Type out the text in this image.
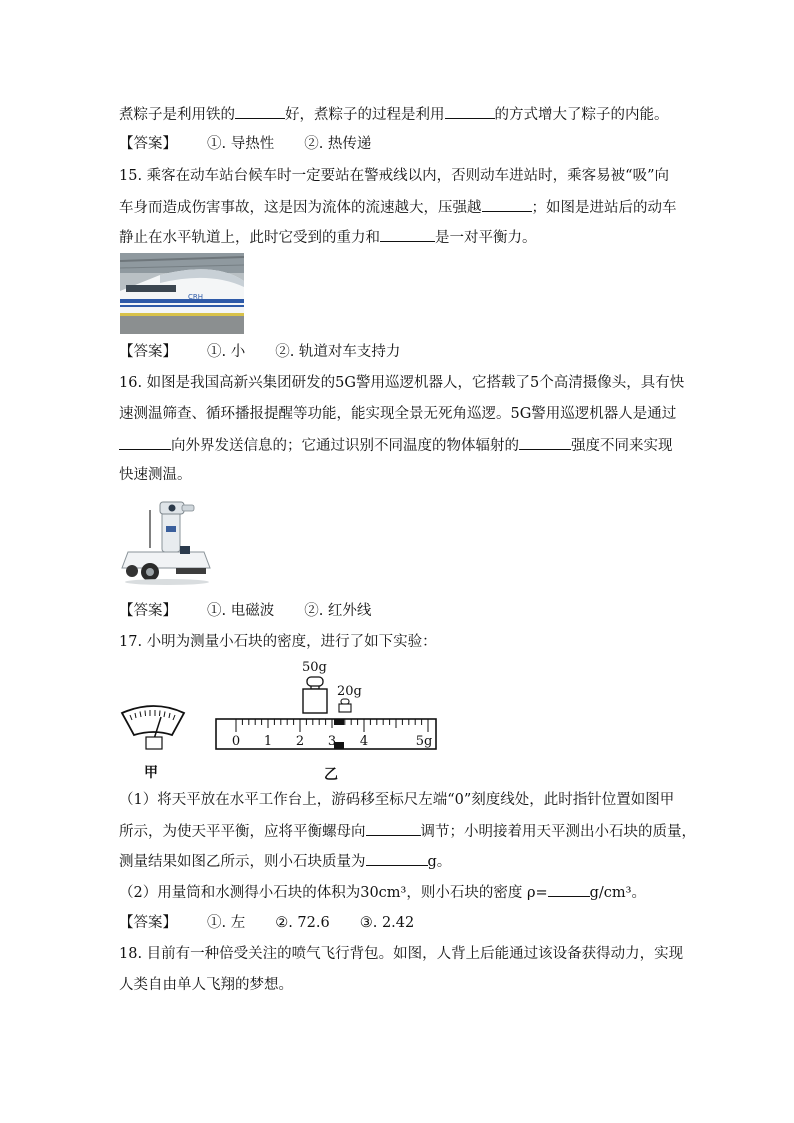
煮粽子是利用铁的	好，煮粽子的过程是利用	的方式增大了粽子的内能。
【答案】 ①. 导热性 ②. 热传递
15. 乘客在动车站台候车时一定要站在警戒线以内，否则动车进站时，乘客易被“吸”向
车身而造成伤害事故，这是因为流体的流速越大，压强越	；如图是进站后的动车
静止在水平轨道上，此时它受到的重力和	是一对平衡力。
CRH
【答案】 ①. 小 ②. 轨道对车支持力
16. 如图是我国高新兴集团研发的5G警用巡逻机器人，它搭载了5个高清摄像头，具有快
速测温筛查、循环播报提醒等功能，能实现全景无死角巡逻。5G警用巡逻机器人是通过
向外界发送信息的；它通过识别不同温度的物体辐射的	强度不同来实现
快速测温。
【答案】 ①. 电磁波 ②. 红外线
17. 小明为测量小石块的密度，进行了如下实验：
甲
50g
20g
0 1 2 3 4	5g
乙
（1）将天平放在水平工作台上，游码移至标尺左端“0”刻度线处，此时指针位置如图甲
所示，为使天平平衡，应将平衡螺母向	调节；小明接着用天平测出小石块的质量，
测量结果如图乙所示，则小石块质量为	g。
（2）用量筒和水测得小石块的体积为30cm³，则小石块的密度 ρ=	g/cm³。
【答案】 ①. 左 ②. 72.6 ③. 2.42
18. 目前有一种倍受关注的喷气飞行背包。如图，人背上后能通过该设备获得动力，实现
人类自由单人飞翔的梦想。
